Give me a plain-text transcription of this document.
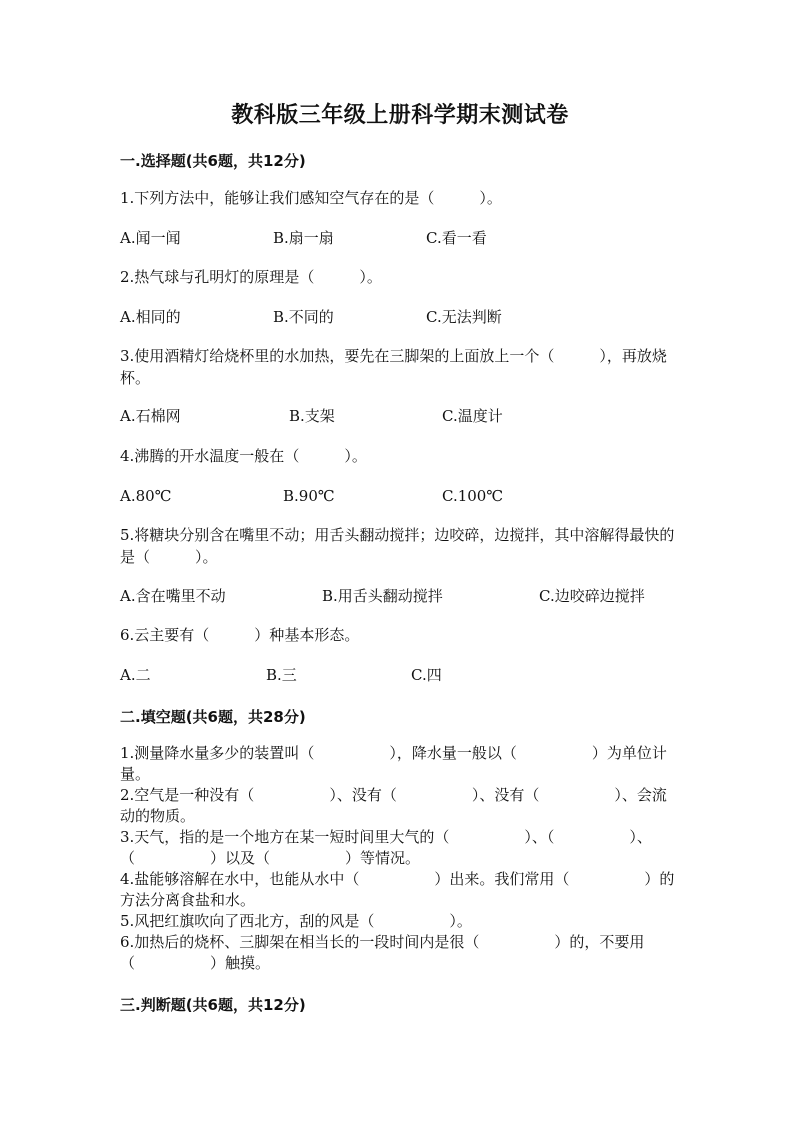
教科版三年级上册科学期末测试卷
一.选择题(共6题，共12分)
1.下列方法中，能够让我们感知空气存在的是（　　　）。
A.闻一闻	B.扇一扇	C.看一看
2.热气球与孔明灯的原理是（　　　）。
A.相同的	B.不同的	C.无法判断
3.使用酒精灯给烧杯里的水加热，要先在三脚架的上面放上一个（　　　），再放烧杯。
A.石棉网	B.支架	C.温度计
4.沸腾的开水温度一般在（　　　）。
A.80℃	B.90℃	C.100℃
5.将糖块分别含在嘴里不动；用舌头翻动搅拌；边咬碎，边搅拌，其中溶解得最快的是（　　　）。
A.含在嘴里不动	B.用舌头翻动搅拌	C.边咬碎边搅拌
6.云主要有（　　　）种基本形态。
A.二	B.三	C.四
二.填空题(共6题，共28分)
1.测量降水量多少的装置叫（　　　　　），降水量一般以（　　　　　）为单位计量。
2.空气是一种没有（　　　　　）、没有（　　　　　）、没有（　　　　　）、会流动的物质。
3.天气，指的是一个地方在某一短时间里大气的（　　　　　）、（　　　　　）、（　　　　　）以及（　　　　　）等情况。
4.盐能够溶解在水中，也能从水中（　　　　　）出来。我们常用（　　　　　）的方法分离食盐和水。
5.风把红旗吹向了西北方，刮的风是（　　　　　）。
6.加热后的烧杯、三脚架在相当长的一段时间内是很（　　　　　）的，不要用（　　　　　）触摸。
三.判断题(共6题，共12分)
